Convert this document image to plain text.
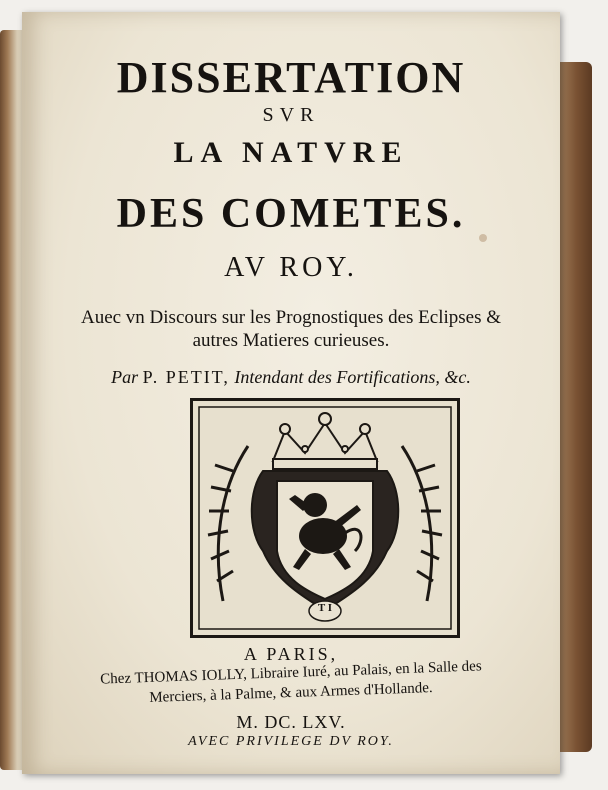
DISSERTATION
SVR
LA NATVRE
DES COMETES.
AV ROY.
Auec vn Discours sur les Prognostiques des Eclipses &
autres Matieres curieuses.
Par P. PETIT, Intendant des Fortifications, &c.
T I
A PARIS,
Chez THOMAS IOLLY, Libraire Iuré, au Palais, en la Salle des
Merciers, à la Palme, & aux Armes d'Hollande.
M. DC. LXV.
AVEC PRIVILEGE DV ROY.
